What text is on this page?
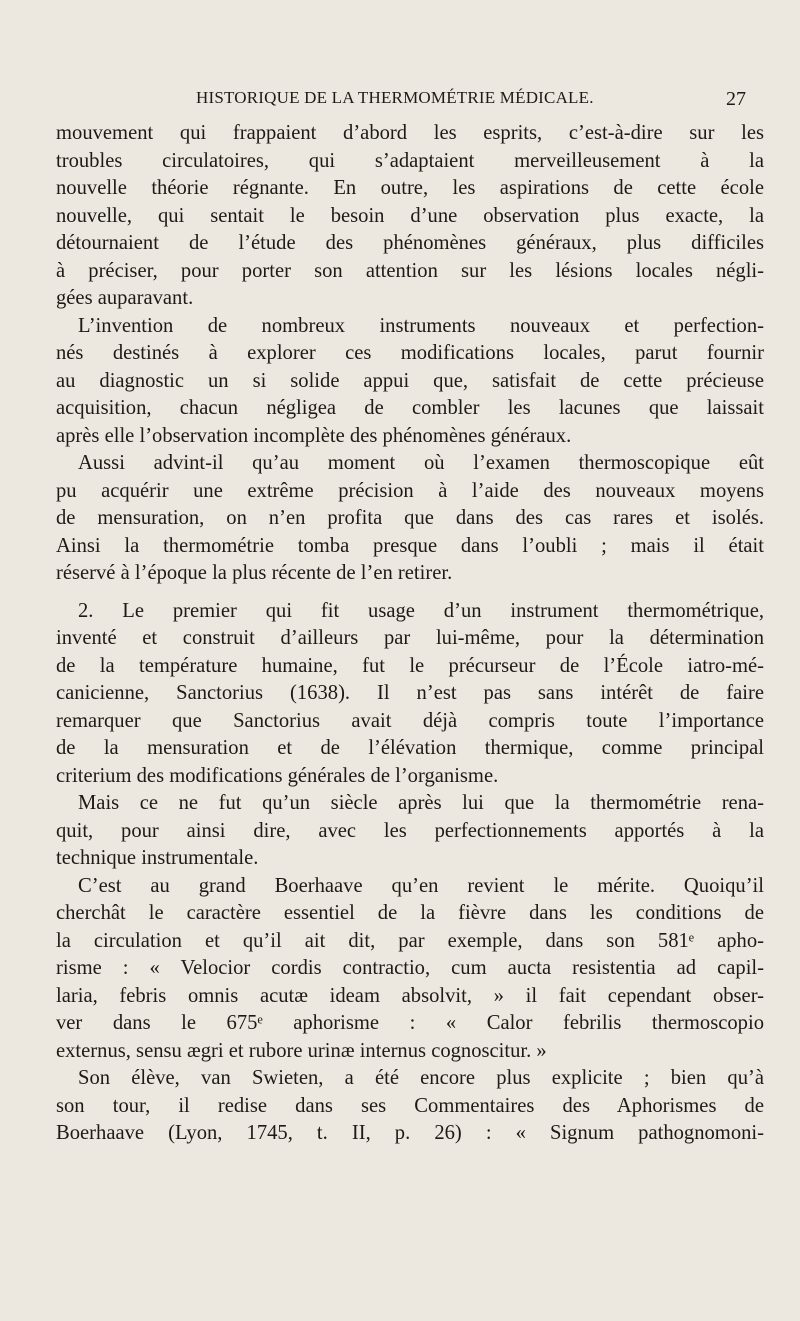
HISTORIQUE DE LA THERMOMÉTRIE MÉDICALE.	27
mouvement qui frappaient d’abord les esprits, c’est-à-dire sur les
troubles circulatoires, qui s’adaptaient merveilleusement à la
nouvelle théorie régnante. En outre, les aspirations de cette école
nouvelle, qui sentait le besoin d’une observation plus exacte, la
détournaient de l’étude des phénomènes généraux, plus difficiles
à préciser, pour porter son attention sur les lésions locales négli-
gées auparavant.
L’invention de nombreux instruments nouveaux et perfection-
nés destinés à explorer ces modifications locales, parut fournir
au diagnostic un si solide appui que, satisfait de cette précieuse
acquisition, chacun négligea de combler les lacunes que laissait
après elle l’observation incomplète des phénomènes généraux.
Aussi advint-il qu’au moment où l’examen thermoscopique eût
pu acquérir une extrême précision à l’aide des nouveaux moyens
de mensuration, on n’en profita que dans des cas rares et isolés.
Ainsi la thermométrie tomba presque dans l’oubli ; mais il était
réservé à l’époque la plus récente de l’en retirer.
2. Le premier qui fit usage d’un instrument thermométrique,
inventé et construit d’ailleurs par lui-même, pour la détermination
de la température humaine, fut le précurseur de l’École iatro-mé-
canicienne, Sanctorius (1638). Il n’est pas sans intérêt de faire
remarquer que Sanctorius avait déjà compris toute l’importance
de la mensuration et de l’élévation thermique, comme principal
criterium des modifications générales de l’organisme.
Mais ce ne fut qu’un siècle après lui que la thermométrie rena-
quit, pour ainsi dire, avec les perfectionnements apportés à la
technique instrumentale.
C’est au grand Boerhaave qu’en revient le mérite. Quoiqu’il
cherchât le caractère essentiel de la fièvre dans les conditions de
la circulation et qu’il ait dit, par exemple, dans son 581ᵉ apho-
risme : « Velocior cordis contractio, cum aucta resistentia ad capil-
laria, febris omnis acutæ ideam absolvit, » il fait cependant obser-
ver dans le 675ᵉ aphorisme : « Calor febrilis thermoscopio
externus, sensu ægri et rubore urinæ internus cognoscitur. »
Son élève, van Swieten, a été encore plus explicite ; bien qu’à
son tour, il redise dans ses Commentaires des Aphorismes de
Boerhaave (Lyon, 1745, t. II, p. 26) : « Signum pathognomoni-
